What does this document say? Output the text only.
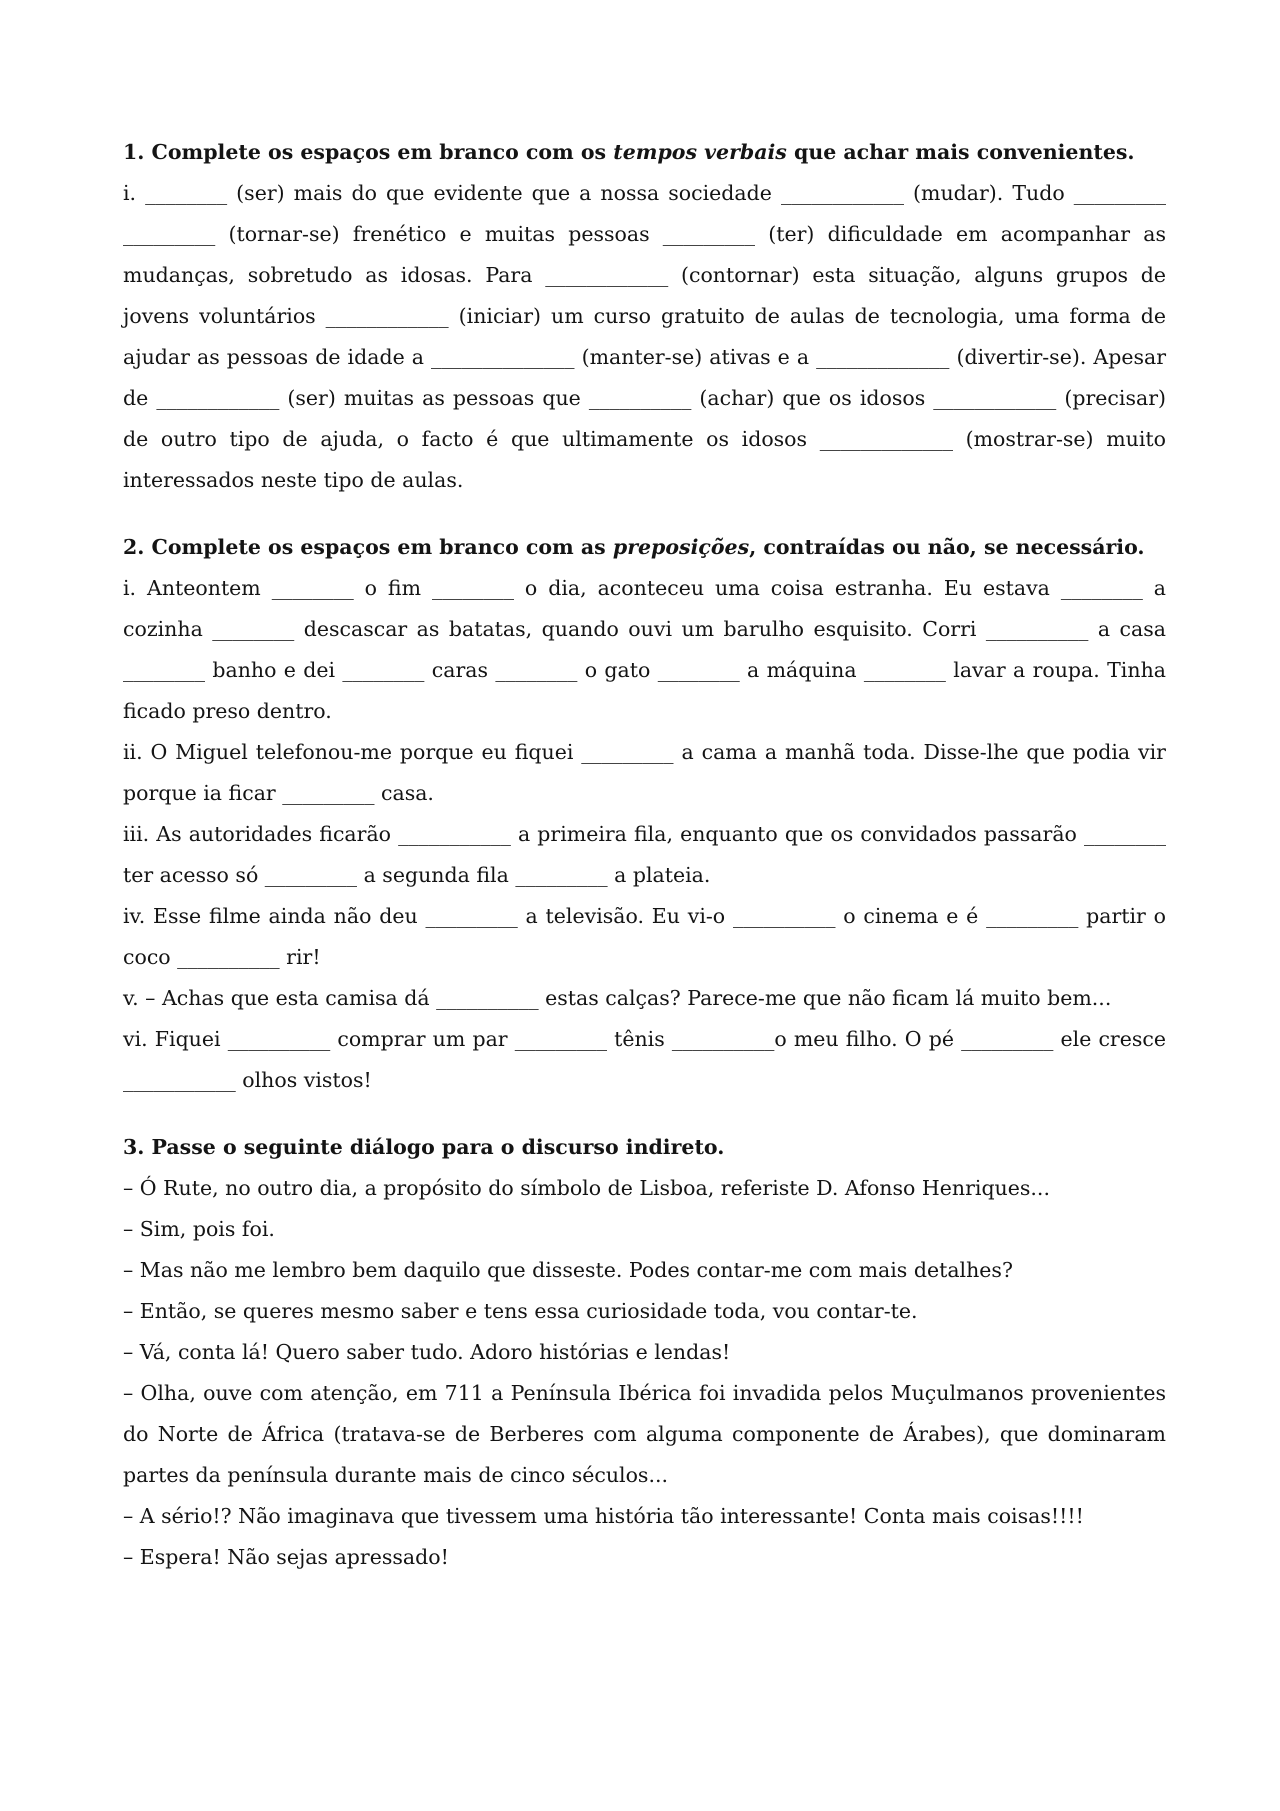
1. Complete os espaços em branco com os tempos verbais que achar mais convenientes.

i. ________ (ser) mais do que evidente que a nossa sociedade ____________ (mudar). Tudo _________ _________ (tornar-se) frenético e muitas pessoas _________ (ter) dificuldade em acompanhar as mudanças, sobretudo as idosas. Para ____________ (contornar) esta situação, alguns grupos de jovens voluntários ____________ (iniciar) um curso gratuito de aulas de tecnologia, uma forma de ajudar as pessoas de idade a ______________ (manter-se) ativas e a _____________ (divertir-se). Apesar de ____________ (ser) muitas as pessoas que __________ (achar) que os idosos ____________ (precisar) de outro tipo de ajuda, o facto é que ultimamente os idosos _____________ (mostrar-se) muito interessados neste tipo de aulas.

2. Complete os espaços em branco com as preposições, contraídas ou não, se necessário.

i. Anteontem ________ o fim ________ o dia, aconteceu uma coisa estranha. Eu estava ________ a cozinha ________ descascar as batatas, quando ouvi um barulho esquisito. Corri __________ a casa ________ banho e dei ________ caras ________ o gato ________ a máquina ________ lavar a roupa. Tinha ficado preso dentro.

ii. O Miguel telefonou-me porque eu fiquei _________ a cama a manhã toda. Disse-lhe que podia vir porque ia ficar _________ casa.

iii. As autoridades ficarão ___________ a primeira fila, enquanto que os convidados passarão ________ ter acesso só _________ a segunda fila _________ a plateia.

iv. Esse filme ainda não deu _________ a televisão. Eu vi-o __________ o cinema e é _________ partir o coco __________ rir!

v. – Achas que esta camisa dá __________ estas calças? Parece-me que não ficam lá muito bem...

vi. Fiquei __________ comprar um par _________ tênis __________o meu filho. O pé _________ ele cresce ___________ olhos vistos!

3. Passe o seguinte diálogo para o discurso indireto.

– Ó Rute, no outro dia, a propósito do símbolo de Lisboa, referiste D. Afonso Henriques...

– Sim, pois foi.

– Mas não me lembro bem daquilo que disseste. Podes contar-me com mais detalhes?

– Então, se queres mesmo saber e tens essa curiosidade toda, vou contar-te.

– Vá, conta lá! Quero saber tudo. Adoro histórias e lendas!

– Olha, ouve com atenção, em 711 a Península Ibérica foi invadida pelos Muçulmanos provenientes do Norte de África (tratava-se de Berberes com alguma componente de Árabes), que dominaram partes da península durante mais de cinco séculos...

– A sério!? Não imaginava que tivessem uma história tão interessante! Conta mais coisas!!!!

– Espera! Não sejas apressado!
